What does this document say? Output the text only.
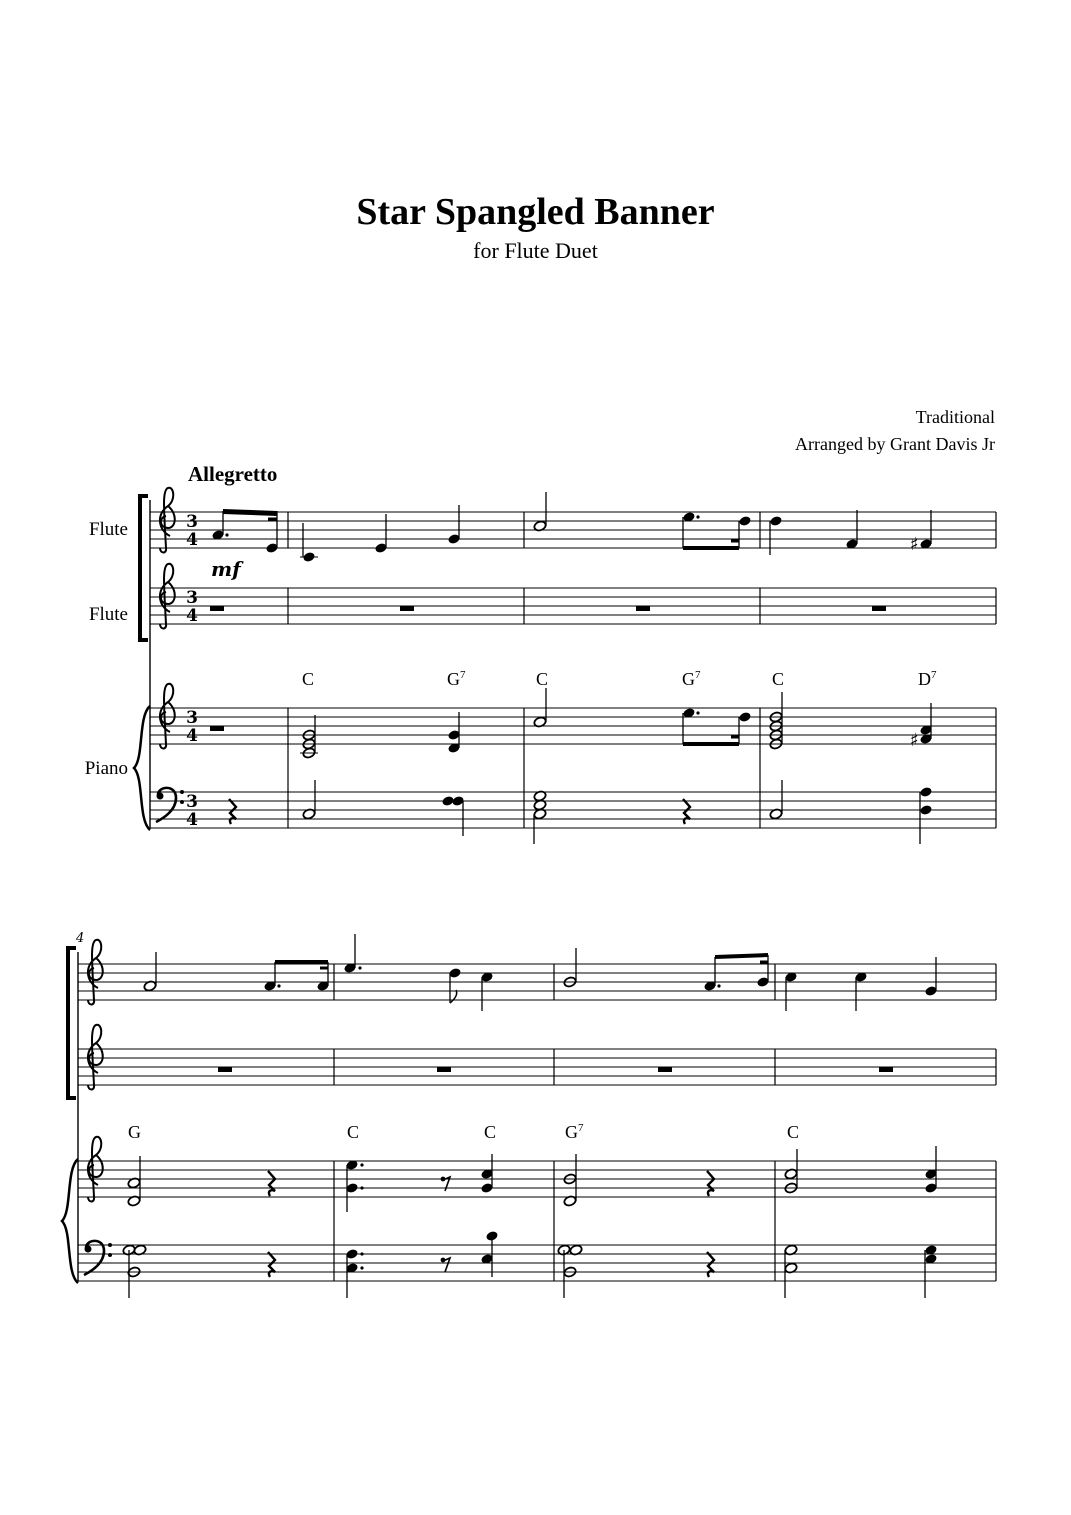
Star Spangled Banner
for Flute Duet
Traditional
Arranged by Grant Davis Jr
Allegretto
Flute
Flute
Piano
3
4
3
4
3
4
3
4
mf
♯
♯
C	$G^7$	C	$G^7$	C	$D^7$
4
G	C	C	$G^7$	C
